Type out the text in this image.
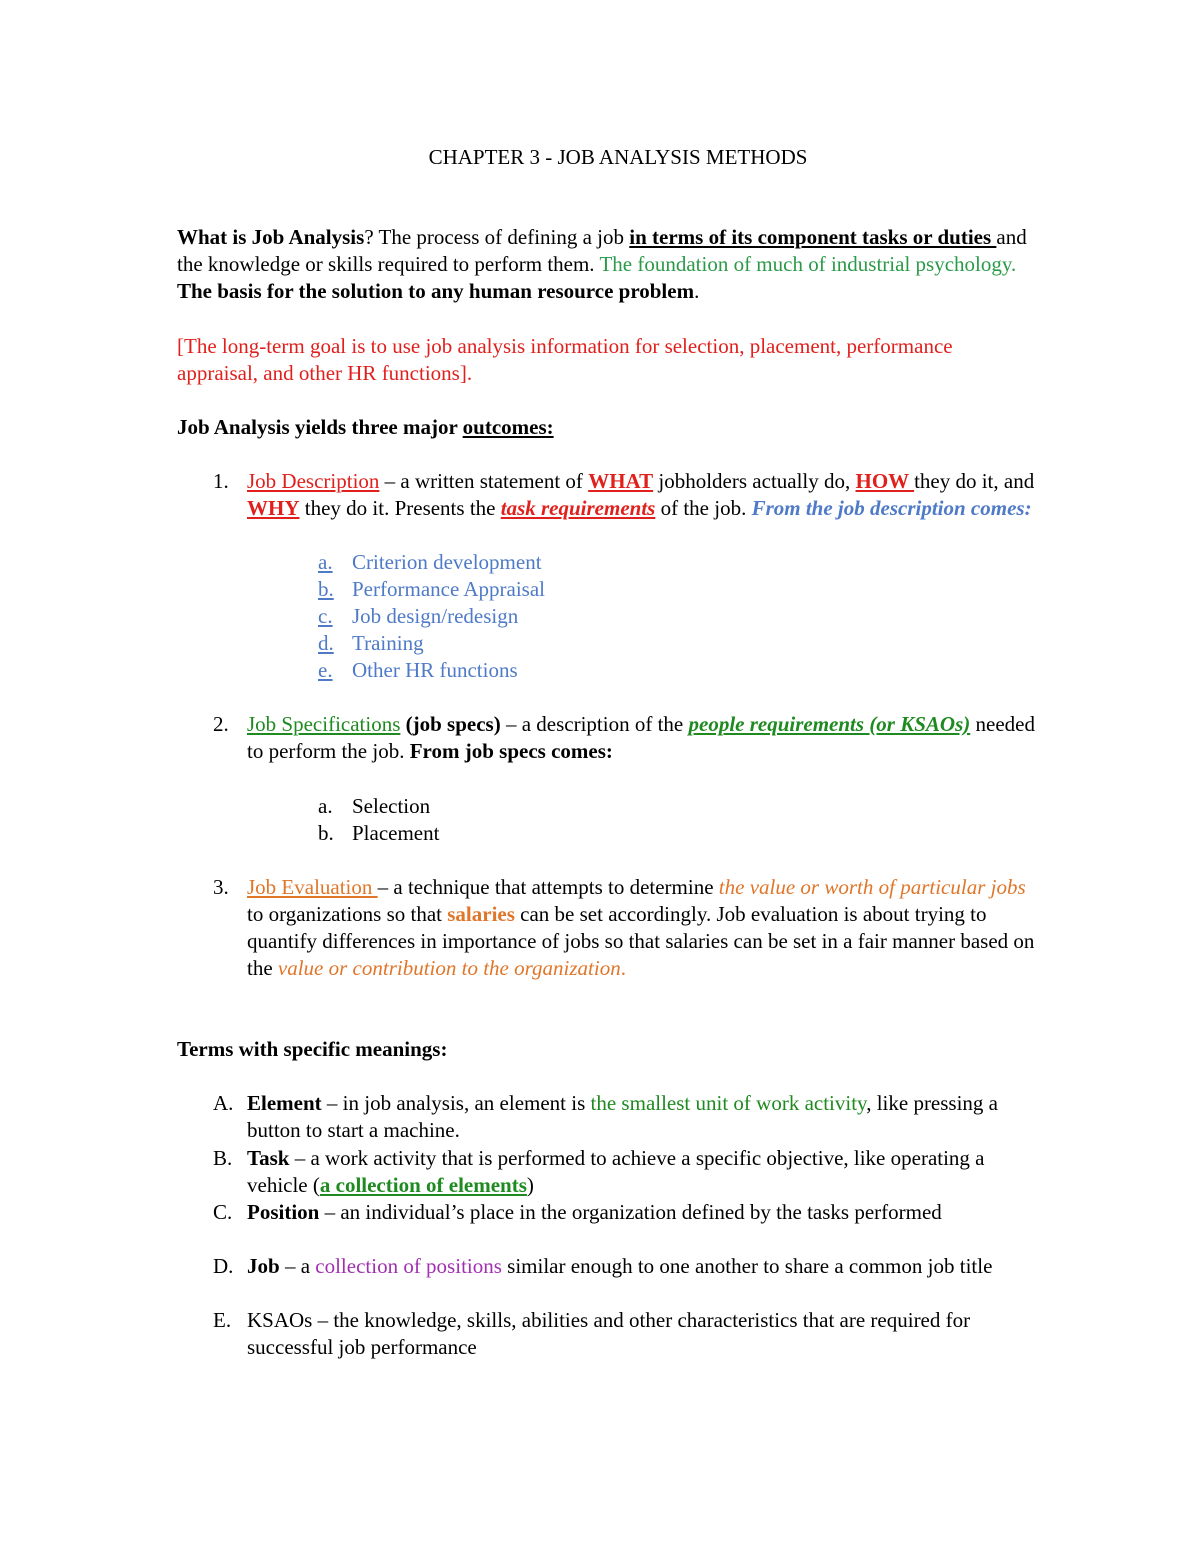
CHAPTER 3 - JOB ANALYSIS METHODS
What is Job Analysis? The process of defining a job in terms of its component tasks or duties and the knowledge or skills required to perform them. The foundation of much of industrial psychology. The basis for the solution to any human resource problem.
[The long-term goal is to use job analysis information for selection, placement, performance appraisal, and other HR functions].
Job Analysis yields three major outcomes:
1. Job Description – a written statement of WHAT jobholders actually do, HOW they do it, and WHY they do it. Presents the task requirements of the job. From the job description comes:
a. Criterion development
b. Performance Appraisal
c. Job design/redesign
d. Training
e. Other HR functions
2. Job Specifications (job specs) – a description of the people requirements (or KSAOs) needed to perform the job. From job specs comes:
a. Selection
b. Placement
3. Job Evaluation – a technique that attempts to determine the value or worth of particular jobs to organizations so that salaries can be set accordingly. Job evaluation is about trying to quantify differences in importance of jobs so that salaries can be set in a fair manner based on the value or contribution to the organization.
Terms with specific meanings:
A. Element – in job analysis, an element is the smallest unit of work activity, like pressing a button to start a machine.
B. Task – a work activity that is performed to achieve a specific objective, like operating a vehicle (a collection of elements)
C. Position – an individual’s place in the organization defined by the tasks performed
D. Job – a collection of positions similar enough to one another to share a common job title
E. KSAOs – the knowledge, skills, abilities and other characteristics that are required for successful job performance
